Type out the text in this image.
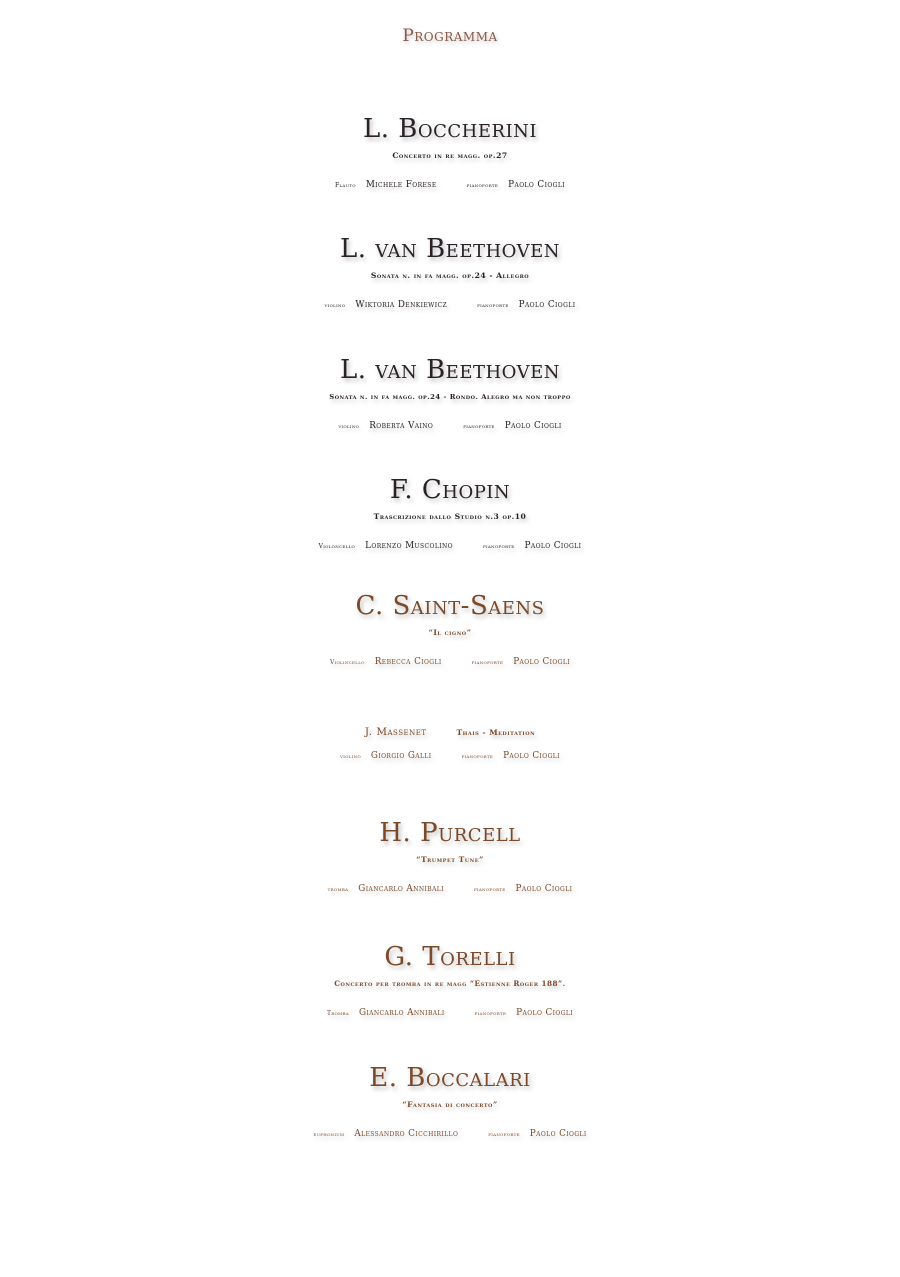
Programma
L. Boccherini
Concerto in re magg. op.27
Flauto Michele Forese	pianoforte Paolo Ciogli
L. van Beethoven
Sonata n. in fa magg. op.24 - Allegro
violino Wiktoria Denkiewicz	pianoforte Paolo Ciogli
L. van Beethoven
Sonata n. in fa magg. op.24 - Rondo. Alegro ma non troppo
violino Roberta Vaino	pianoforte Paolo Ciogli
F. Chopin
Trascrizione dallo Studio n.3 op.10
Violoncello Lorenzo Muscolino	pianoforte Paolo Ciogli
C. Saint-Saens
“Il cigno”
Violincello Rebecca Ciogli	pianoforte Paolo Ciogli
J. Massenet	Thais - Meditation
violino Giorgio Galli	pianoforte Paolo Ciogli
H. Purcell
“Trumpet Tune”
tromba Giancarlo Annibali	pianoforte Paolo Ciogli
G. Torelli
Concerto per tromba in re magg “Estienne Roger 188”.
Tromba Giancarlo Annibali	pianoforte Paolo Ciogli
E. Boccalari
“Fantasia di concerto”
euphonium Alessandro Cicchirillo	pianoforte Paolo Ciogli
